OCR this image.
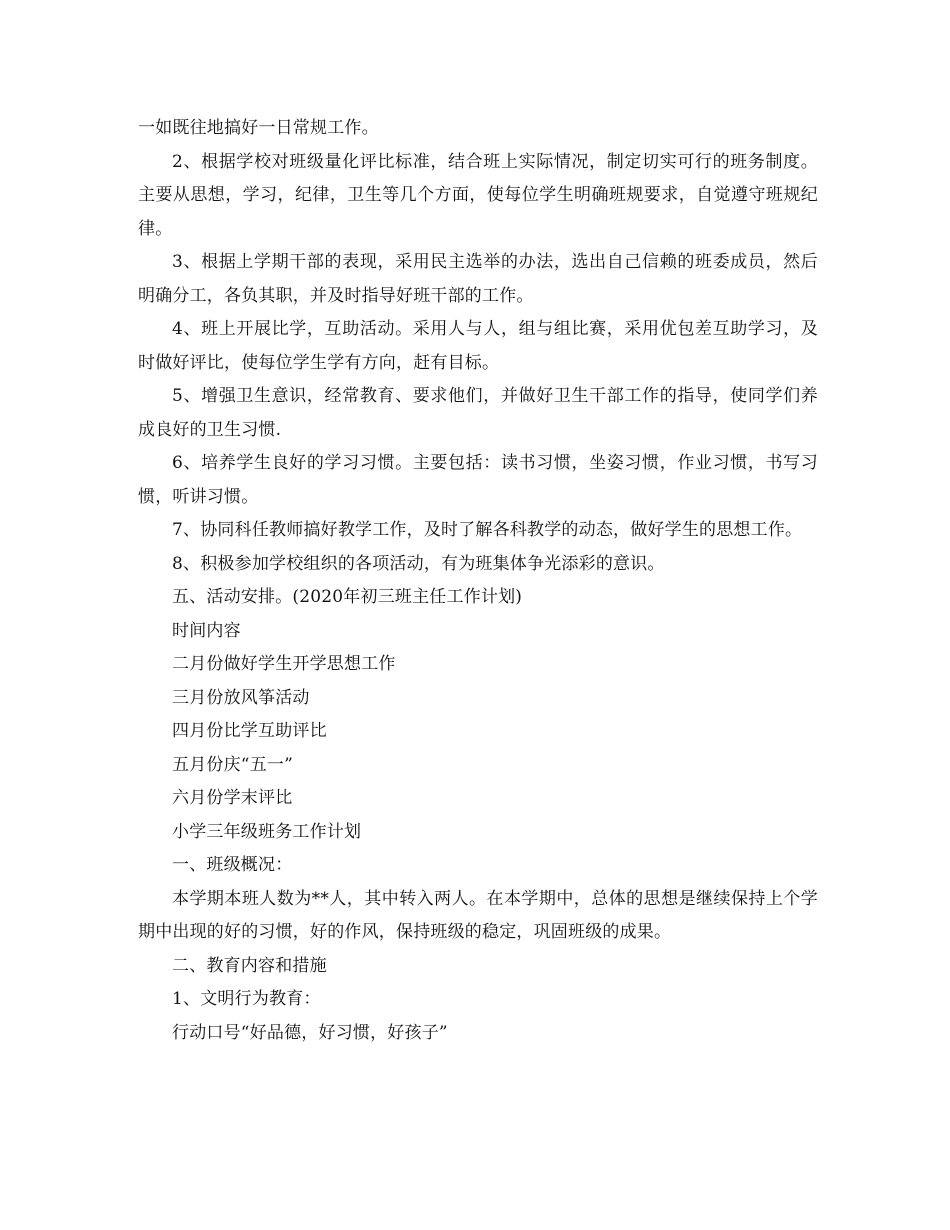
一如既往地搞好一日常规工作。

2、根据学校对班级量化评比标准，结合班上实际情况，制定切实可行的班务制度。主要从思想，学习，纪律，卫生等几个方面，使每位学生明确班规要求，自觉遵守班规纪律。

3、根据上学期干部的表现，采用民主选举的办法，选出自己信赖的班委成员，然后明确分工，各负其职，并及时指导好班干部的工作。

4、班上开展比学，互助活动。采用人与人，组与组比赛，采用优包差互助学习，及时做好评比，使每位学生学有方向，赶有目标。

5、增强卫生意识，经常教育、要求他们，并做好卫生干部工作的指导，使同学们养成良好的卫生习惯.

6、培养学生良好的学习习惯。主要包括：读书习惯，坐姿习惯，作业习惯，书写习惯，听讲习惯。

7、协同科任教师搞好教学工作，及时了解各科教学的动态，做好学生的思想工作。

8、积极参加学校组织的各项活动，有为班集体争光添彩的意识。

五、活动安排。(2020年初三班主任工作计划)

时间内容

二月份做好学生开学思想工作

三月份放风筝活动

四月份比学互助评比

五月份庆“五一”

六月份学末评比

小学三年级班务工作计划

一、班级概况：

本学期本班人数为**人，其中转入两人。在本学期中，总体的思想是继续保持上个学期中出现的好的习惯，好的作风，保持班级的稳定，巩固班级的成果。

二、教育内容和措施

1、文明行为教育：

行动口号“好品德，好习惯，好孩子”
